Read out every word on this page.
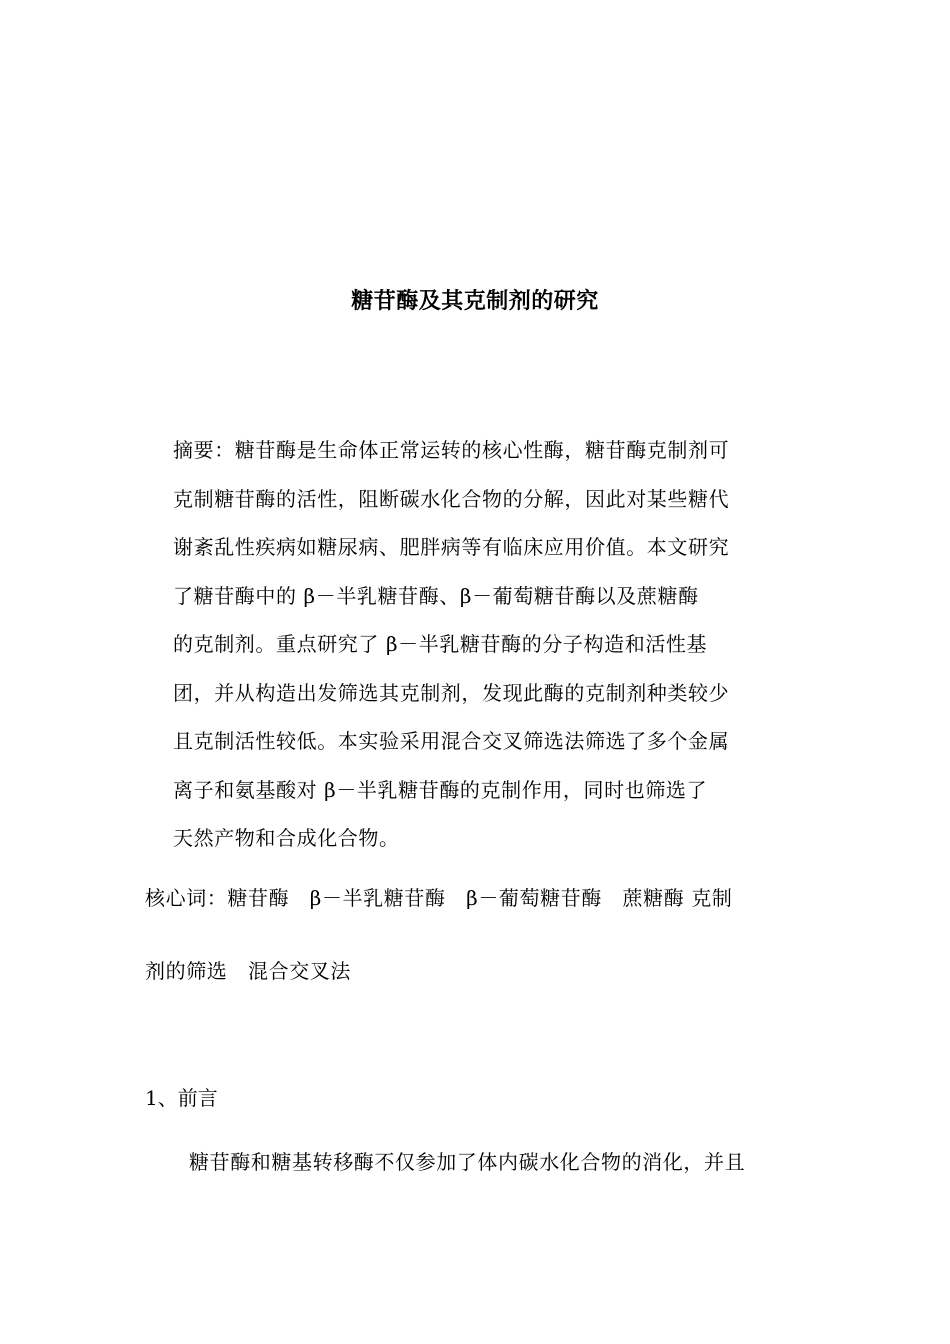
糖苷酶及其克制剂的研究
摘要：糖苷酶是生命体正常运转的核心性酶，糖苷酶克制剂可
克制糖苷酶的活性，阻断碳水化合物的分解，因此对某些糖代
谢紊乱性疾病如糖尿病、肥胖病等有临床应用价值。本文研究
了糖苷酶中的 β－半乳糖苷酶、β－葡萄糖苷酶以及蔗糖酶
的克制剂。重点研究了 β－半乳糖苷酶的分子构造和活性基
团，并从构造出发筛选其克制剂，发现此酶的克制剂种类较少
且克制活性较低。本实验采用混合交叉筛选法筛选了多个金属
离子和氨基酸对 β－半乳糖苷酶的克制作用，同时也筛选了
天然产物和合成化合物。
核心词：糖苷酶　β－半乳糖苷酶　β－葡萄糖苷酶　蔗糖酶 克制
剂的筛选　混合交叉法
1、前言
糖苷酶和糖基转移酶不仅参加了体内碳水化合物的消化，并且
